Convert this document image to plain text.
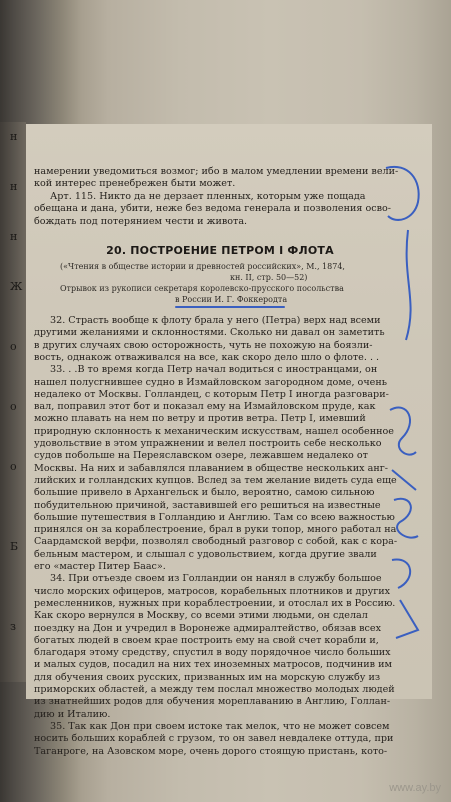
н
н
н
Ж
о
о
о
Б
з

намерении уведомиться возмог; ибо в малом умедлении времени вели-

кой интерес пренебрежен быти может.

Арт. 115. Никто да не дерзает пленных, которым уже пощада

обещана и дана, убити, неже без ведома генерала и позволения осво-

бождать под потерянием чести и живота.

20. ПОСТРОЕНИЕ ПЕТРОМ I ФЛОТА

(«Чтения в обществе истории и древностей российских», М., 1874,

кн. II, стр. 50—52)

Отрывок из рукописи секретаря королевско-прусского посольства

в России И. Г. Фоккеродта

32. Страсть вообще к флоту брала у него (Петра) верх над всеми

другими желаниями и склонностями. Сколько ни давал он заметить

в других случаях свою осторожность, чуть не похожую на боязли-

вость, однакож отваживался на все, как скоро дело шло о флоте. . .

33. . .В то время когда Петр начал водиться с иностранцами, он

нашел полусгнившее судно в Измайловском загородном доме, очень

недалеко от Москвы. Голландец, с которым Петр I иногда разговари-

вал, поправил этот бот и показал ему на Измайловском пруде, как

можно плавать на нем по ветру и против ветра. Петр I, имевший

природную склонность к механическим искусствам, нашел особенное

удовольствие в этом упражнении и велел построить себе несколько

судов побольше на Переяславском озере, лежавшем недалеко от

Москвы. На них и забавлялся плаванием в обществе нескольких анг-

лийских и голландских купцов. Вслед за тем желание видеть суда еще

большие привело в Архангельск и было, вероятно, самою сильною

побудительною причиной, заставившей его решиться на известные

большие путешествия в Голландию и Англию. Там со всею важностью

принялся он за кораблестроение, брал в руки топор, много работал на

Саардамской верфи, позволял свободный разговор с собой, как с кора-

бельным мастером, и слышал с удовольствием, когда другие звали

его «мастер Питер Баас».

34. При отъезде своем из Голландии он нанял в службу большое

число морских офицеров, матросов, корабельных плотников и других

ремесленников, нужных при кораблестроении, и отослал их в Россию.

Как скоро вернулся в Москву, со всеми этими людьми, он сделал

поездку на Дон и учредил в Воронеже адмиралтейство, обязав всех

богатых людей в своем крае построить ему на свой счет корабли и,

благодаря этому средству, спустил в воду порядочное число больших

и малых судов, посадил на них тех иноземных матросов, подчинив им

для обучения своих русских, призванных им на морскую службу из

приморских областей, а между тем послал множество молодых людей

из знатнейших родов для обучения мореплаванию в Англию, Голлан-

дию и Италию.

35. Так как Дон при своем истоке так мелок, что не может совсем

носить больших кораблей с грузом, то он завел невдалеке оттуда, при

Таганроге, на Азовском море, очень дорого стоящую пристань, кото-

www.ay.by
